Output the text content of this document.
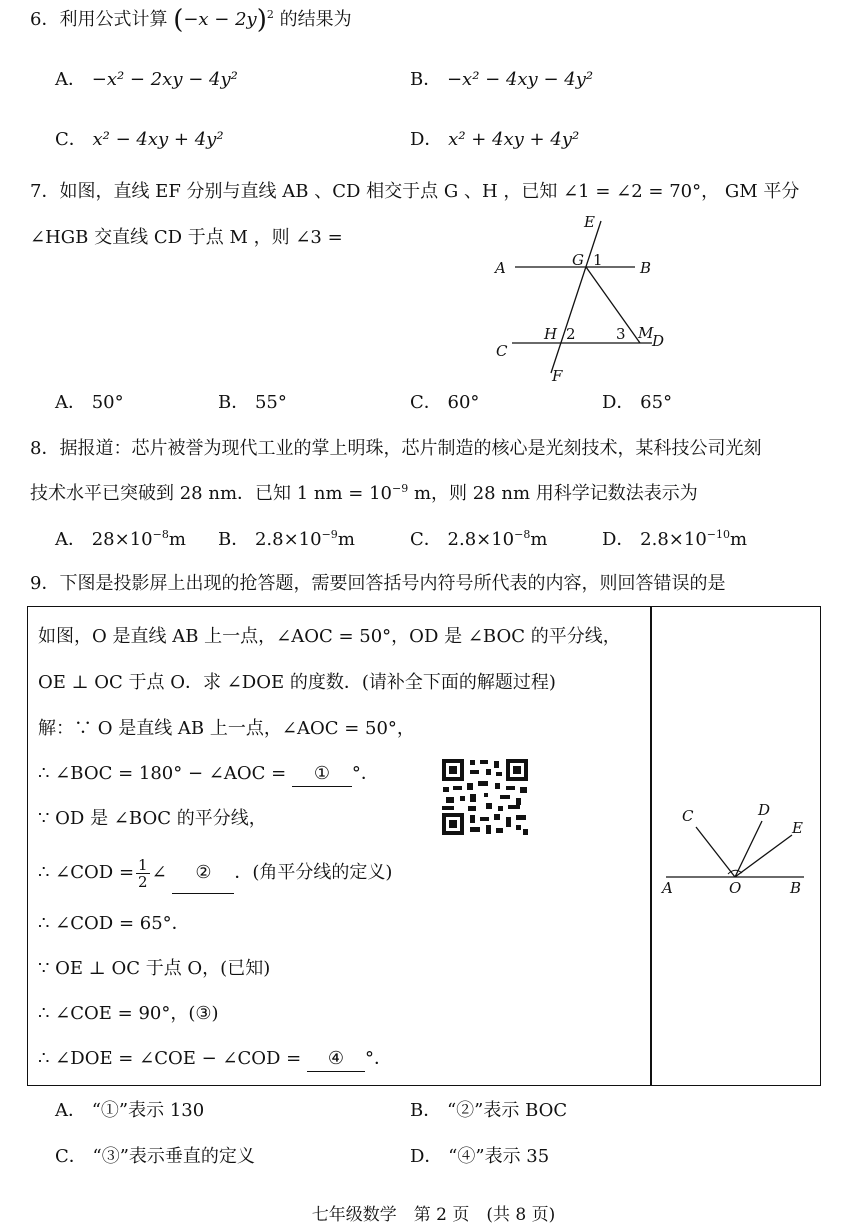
6．利用公式计算 $(-x - 2y)^2$ 的结果为
A． −x² − 2xy − 4y²	B． −x² − 4xy − 4y²
C． x² − 4xy + 4y²	D． x² + 4xy + 4y²
7．如图，直线 EF 分别与直线 AB 、CD 相交于点 G 、H ，已知 ∠1 = ∠2 = 70°， GM 平分
∠HGB 交直线 CD 于点 M ，则 ∠3 =
E
G 1
A	B
H 2	3 M
D
C
F
A． 50°	B． 55°	C． 60°	D． 65°
8．据报道：芯片被誉为现代工业的掌上明珠，芯片制造的核心是光刻技术，某科技公司光刻
技术水平已突破到 28 nm．已知 1 nm = $10^{-9}$ m，则 28 nm 用科学记数法表示为
A． $28\times 10^{-8}m$ B． $2.8\times 10^{-9}m$	C． $2.8\times 10^{-8}m$	D． $2.8\times 10^{-10}m$
9．下图是投影屏上出现的抢答题，需要回答括号内符号所代表的内容，则回答错误的是
如图，O 是直线 AB 上一点，∠AOC = 50°，OD 是 ∠BOC 的平分线，
OE ⊥ OC 于点 O．求 ∠DOE 的度数．(请补全下面的解题过程)
解：∵ O 是直线 AB 上一点，∠AOC = 50°，
∴ ∠BOC = 180° − ∠AOC = ① °．
∵ OD 是 ∠BOC 的平分线，
∴ ∠COD = $\frac{1}{2}$ ∠ ② ．(角平分线的定义)
∴ ∠COD = 65°．
∵ OE ⊥ OC 于点 O，(已知)
∴ ∠COE = 90°，(③)
∴ ∠DOE = ∠COE − ∠COD = ④ °．
C	D
E
A	O	B
A． “①”表示 130	B． “②”表示 BOC
C． “③”表示垂直的定义	D． “④”表示 35
七年级数学　第 2 页　(共 8 页)
